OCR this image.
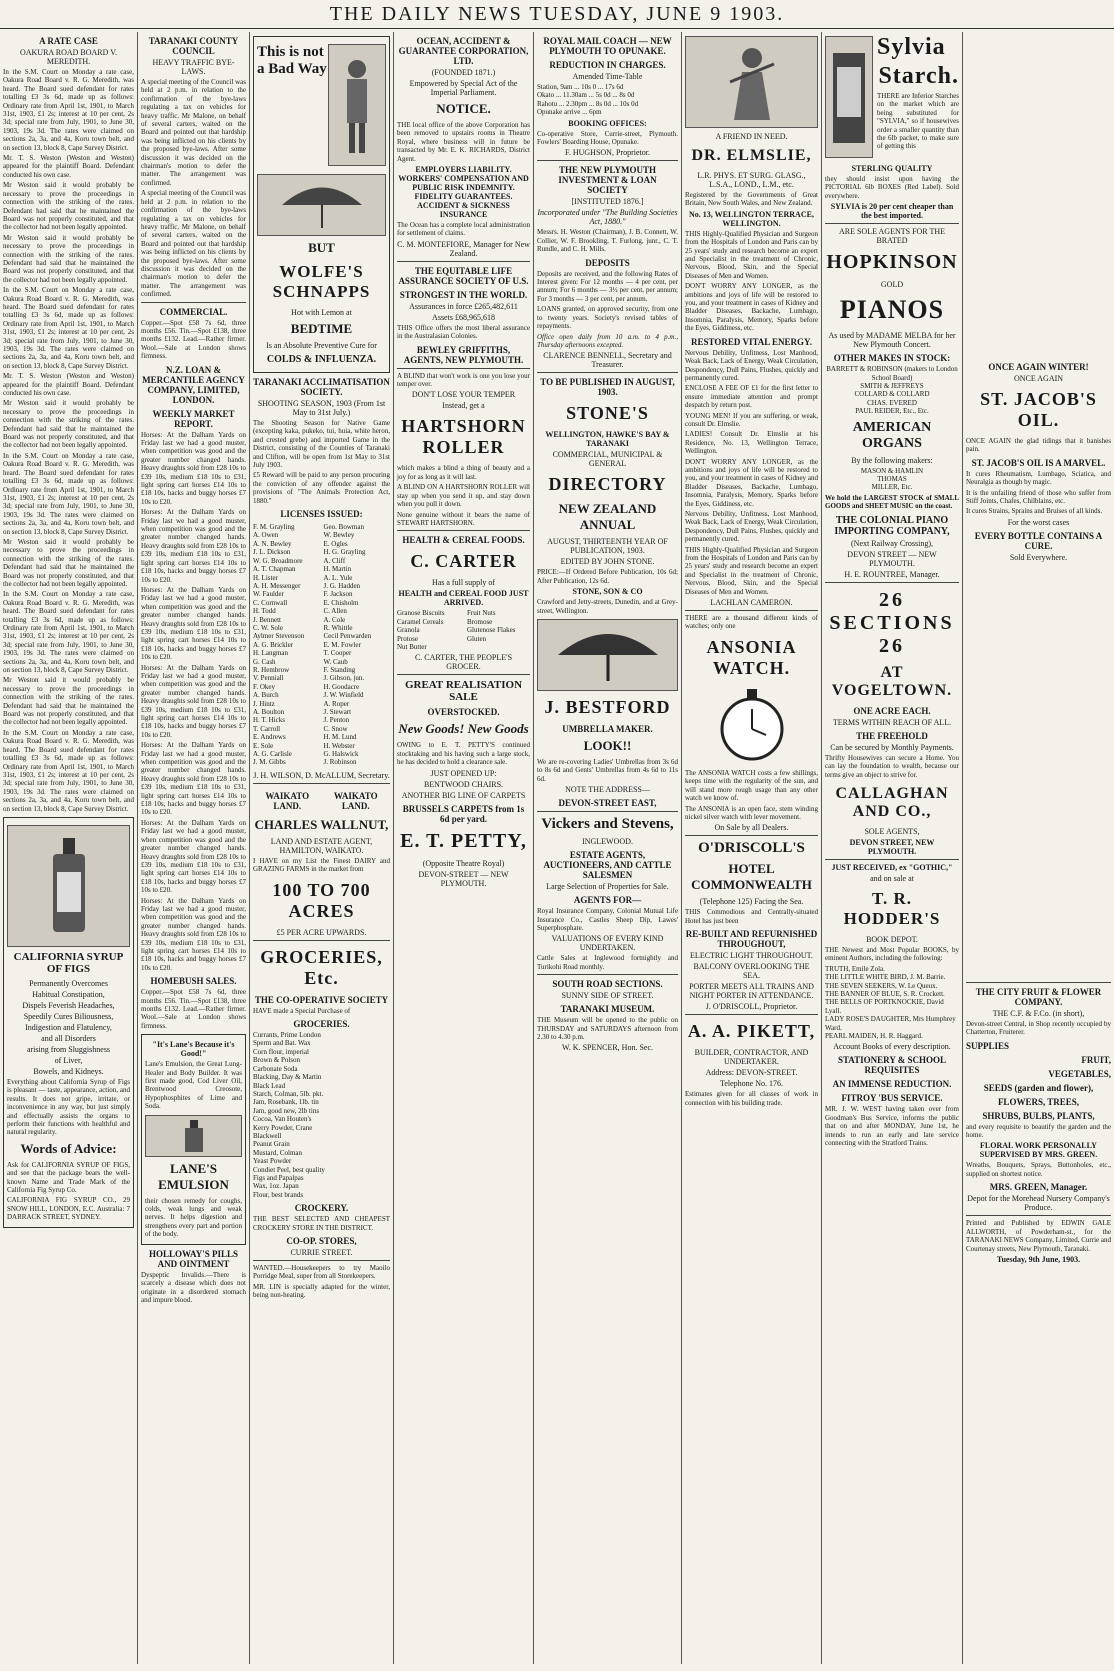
THE DAILY NEWS TUESDAY, JUNE 9 1903.
A RATE CASE
OAKURA ROAD BOARD V. MEREDITH.

In the S.M. Court on Monday a rate case, Oakura Road Board v. R. G. Meredith, was heard. The Board sued defendant for rates totalling £3 3s 6d, made up as follows: Ordinary rate from April 1st, 1901, to March 31st, 1903, £1 2s; interest at 10 per cent, 2s 3d; special rate from July, 1901, to June 30, 1903, 19s 3d. The rates were claimed on sections 2a, 3a, and 4a, Koru town belt, and on section 13, block 8, Cape Survey District.

Mr. T. S. Weston (Weston and Weston) appeared for the plaintiff Board. Defendant conducted his own case.

Mr Weston said it would probably be necessary to prove the proceedings in connection with the striking of the rates. Defendant had said that he maintained the Board was not properly constituted, and that the collector had not been legally appointed.

Mr Weston said it would probably be necessary to prove the proceedings in connection with the striking of the rates. Defendant had said that he maintained the Board was not properly constituted, and that the collector had not been legally appointed.

In the S.M. Court on Monday a rate case, Oakura Road Board v. R. G. Meredith, was heard. The Board sued defendant for rates totalling £3 3s 6d, made up as follows: Ordinary rate from April 1st, 1901, to March 31st, 1903, £1 2s; interest at 10 per cent, 2s 3d; special rate from July, 1901, to June 30, 1903, 19s 3d. The rates were claimed on sections 2a, 3a, and 4a, Koru town belt, and on section 13, block 8, Cape Survey District.

Mr. T. S. Weston (Weston and Weston) appeared for the plaintiff Board. Defendant conducted his own case.

Mr Weston said it would probably be necessary to prove the proceedings in connection with the striking of the rates. Defendant had said that he maintained the Board was not properly constituted, and that the collector had not been legally appointed.

In the S.M. Court on Monday a rate case, Oakura Road Board v. R. G. Meredith, was heard. The Board sued defendant for rates totalling £3 3s 6d, made up as follows: Ordinary rate from April 1st, 1901, to March 31st, 1903, £1 2s; interest at 10 per cent, 2s 3d; special rate from July, 1901, to June 30, 1903, 19s 3d. The rates were claimed on sections 2a, 3a, and 4a, Koru town belt, and on section 13, block 8, Cape Survey District.

Mr Weston said it would probably be necessary to prove the proceedings in connection with the striking of the rates. Defendant had said that he maintained the Board was not properly constituted, and that the collector had not been legally appointed.

In the S.M. Court on Monday a rate case, Oakura Road Board v. R. G. Meredith, was heard. The Board sued defendant for rates totalling £3 3s 6d, made up as follows: Ordinary rate from April 1st, 1901, to March 31st, 1903, £1 2s; interest at 10 per cent, 2s 3d; special rate from July, 1901, to June 30, 1903, 19s 3d. The rates were claimed on sections 2a, 3a, and 4a, Koru town belt, and on section 13, block 8, Cape Survey District.

Mr Weston said it would probably be necessary to prove the proceedings in connection with the striking of the rates. Defendant had said that he maintained the Board was not properly constituted, and that the collector had not been legally appointed.

In the S.M. Court on Monday a rate case, Oakura Road Board v. R. G. Meredith, was heard. The Board sued defendant for rates totalling £3 3s 6d, made up as follows: Ordinary rate from April 1st, 1901, to March 31st, 1903, £1 2s; interest at 10 per cent, 2s 3d; special rate from July, 1901, to June 30, 1903, 19s 3d. The rates were claimed on sections 2a, 3a, and 4a, Koru town belt, and on section 13, block 8, Cape Survey District.

CALIFORNIA SYRUP OF FIGS
Permanently Overcomes
Habitual Constipation,
Dispels Feverish Headaches,
Speedily Cures Biliousness,
Indigestion and Flatulency,
and all Disorders
arising from Sluggishness
of Liver,
Bowels, and Kidneys.

Everything about California Syrup of Figs is pleasant — taste, appearance, action, and results. It does not gripe, irritate, or inconvenience in any way, but just simply and effectually assists the organs to perform their functions with healthful and natural regularity.

Words of Advice:

Ask for CALIFORNIA SYRUP OF FIGS, and see that the package bears the well-known Name and Trade Mark of the California Fig Syrup Co.

CALIFORNIA FIG SYRUP CO., 29 SNOW HILL, LONDON, E.C. Australia: 7 DARRACK STREET, SYDNEY.

TARANAKI COUNTY COUNCIL
HEAVY TRAFFIC BYE-LAWS.

A special meeting of the Council was held at 2 p.m. in relation to the confirmation of the bye-laws regulating a tax on vehicles for heavy traffic. Mr Malone, on behalf of several carters, waited on the Board and pointed out that hardship was being inflicted on his clients by the proposed bye-laws. After some discussion it was decided on the chairman's motion to defer the matter. The arrangement was confirmed.

A special meeting of the Council was held at 2 p.m. in relation to the confirmation of the bye-laws regulating a tax on vehicles for heavy traffic. Mr Malone, on behalf of several carters, waited on the Board and pointed out that hardship was being inflicted on his clients by the proposed bye-laws. After some discussion it was decided on the chairman's motion to defer the matter. The arrangement was confirmed.

COMMERCIAL.

Copper.—Spot £58 7s 6d, three months £56. Tin.—Spot £138, three months £132. Lead.—Rather firmer. Wool.—Sale at London shows firmness.

N.Z. LOAN & MERCANTILE AGENCY COMPANY, LIMITED, LONDON.
WEEKLY MARKET REPORT.

Horses: At the Dalham Yards on Friday last we had a good muster, when competition was good and the greater number changed hands. Heavy draughts sold from £28 10s to £39 10s, medium £18 10s to £31, light spring cart horses £14 10s to £18 10s, hacks and buggy horses £7 10s to £20.

Horses: At the Dalham Yards on Friday last we had a good muster, when competition was good and the greater number changed hands. Heavy draughts sold from £28 10s to £39 10s, medium £18 10s to £31, light spring cart horses £14 10s to £18 10s, hacks and buggy horses £7 10s to £20.

Horses: At the Dalham Yards on Friday last we had a good muster, when competition was good and the greater number changed hands. Heavy draughts sold from £28 10s to £39 10s, medium £18 10s to £31, light spring cart horses £14 10s to £18 10s, hacks and buggy horses £7 10s to £20.

Horses: At the Dalham Yards on Friday last we had a good muster, when competition was good and the greater number changed hands. Heavy draughts sold from £28 10s to £39 10s, medium £18 10s to £31, light spring cart horses £14 10s to £18 10s, hacks and buggy horses £7 10s to £20.

Horses: At the Dalham Yards on Friday last we had a good muster, when competition was good and the greater number changed hands. Heavy draughts sold from £28 10s to £39 10s, medium £18 10s to £31, light spring cart horses £14 10s to £18 10s, hacks and buggy horses £7 10s to £20.

Horses: At the Dalham Yards on Friday last we had a good muster, when competition was good and the greater number changed hands. Heavy draughts sold from £28 10s to £39 10s, medium £18 10s to £31, light spring cart horses £14 10s to £18 10s, hacks and buggy horses £7 10s to £20.

Horses: At the Dalham Yards on Friday last we had a good muster, when competition was good and the greater number changed hands. Heavy draughts sold from £28 10s to £39 10s, medium £18 10s to £31, light spring cart horses £14 10s to £18 10s, hacks and buggy horses £7 10s to £20.

HOMEBUSH SALES.

Copper.—Spot £58 7s 6d, three months £56. Tin.—Spot £138, three months £132. Lead.—Rather firmer. Wool.—Sale at London shows firmness.

"It's Lane's Because it's Good!"

Lane's Emulsion, the Great Lung-Healer and Body Builder. It was first made good, Cod Liver Oil, Brentwood Creosote, Hypophosphites of Lime and Soda.

LANE'S EMULSION

their chosen remedy for coughs, colds, weak lungs and weak nerves. It helps digestion and strengthens every part and portion of the body.

HOLLOWAY'S PILLS AND OINTMENT

Dyspeptic Invalids.—There is scarcely a disease which does not originate in a disordered stomach and impure blood.

This is not a Bad Way
BUT
WOLFE'S SCHNAPPS
Hot with Lemon at
BEDTIME
Is an Absolute Preventive Cure for
COLDS & INFLUENZA.
TARANAKI ACCLIMATISATION SOCIETY.
SHOOTING SEASON, 1903 (From 1st May to 31st July.)

The Shooting Season for Native Game (excepting kaka, pukeko, tui, huia, white heron, and crested grebe) and imported Game in the District, consisting of the Counties of Taranaki and Clifton, will be open from 1st May to 31st July 1903.

£5 Reward will be paid to any person procuring the conviction of any offender against the provisions of "The Animals Protection Act, 1880."

LICENSES ISSUED:
F. M. Grayling
A. Owen
A. N. Bewley
J. L. Dickson
W. G. Broadmore
A. T. Chapman
H. Lister
A. H. Messenger
W. Faulder
C. Cornwall
H. Todd
J. Bennett
C. W. Sole
Aylmer Stevenson
A. G. Brickler
H. Langman
G. Cash
R. Hembrow
V. Penniall
F. Okey
A. Burch
J. Hintz
A. Boulton
H. T. Hicks
T. Carroll
E. Andrews
E. Sole
A. G. Carlisle
J. M. Gibbs
Geo. Bowman
W. Bewley
E. Ogles
H. G. Grayling
A. Cliff
H. Martin
A. L. Yule
J. G. Hadden
F. Jackson
E. Chisholm
C. Allen
A. Cole
R. Whittle
Cecil Penwarden
E. M. Fowler
T. Cooper
W. Caub
F. Standing
J. Gibson, jun.
H. Goodacre
J. W. Winfield
A. Roper
J. Stewart
J. Penton
C. Snow
H. M. Lund
H. Webster
G. Halswick
J. Robinson
J. H. WILSON, D. McALLUM, Secretary.
WAIKATO LAND.
WAIKATO LAND.
CHARLES WALLNUT,
LAND AND ESTATE AGENT, HAMILTON, WAIKATO.

I HAVE on my List the Finest DAIRY and GRAZING FARMS in the market from

100 TO 700 ACRES
£5 PER ACRE UPWARDS.
GROCERIES, Etc.
THE CO-OPERATIVE SOCIETY

HAVE made a Special Purchase of

GROCERIES.
Currants, Prime London
Sperm and Bat. Wax
Corn flour, imperial
Brown & Polson
Carbonate Soda
Blacking, Day & Martin
Black Lead
Starch, Colman, 5lb. pkt.
Jam, Rosebank, 1lb. tin
Jam, good new, 2lb tins
Cocoa, Van Houten's
Kerry Powder, Crane
Blackwell
Peanut Grain
Mustard, Colman
Yeast Powder
Condiet Peel, best quality
Figs and Papalpas
Wax, 1oz. Japan
Flour, best brands
CROCKERY.

THE BEST SELECTED AND CHEAPEST CROCKERY STORE IN THE DISTRICT.

CO-OP. STORES,
CURRIE STREET.

WANTED.—Housekeepers to try Maoilo Porridge Meal, super from all Storekeepers.

MR. LIN is specially adapted for the winter, being non-heating.

OCEAN, ACCIDENT & GUARANTEE CORPORATION, LTD.
(FOUNDED 1871.)
Empowered by Special Act of the Imperial Parliament.
NOTICE.

THE local office of the above Corporation has been removed to upstairs rooms in Theatre Royal, where business will in future be transacted by Mr. E. K. RICHARDS, District Agent.

EMPLOYERS LIABILITY. WORKERS' COMPENSATION AND PUBLIC RISK INDEMNITY. FIDELITY GUARANTEES. ACCIDENT & SICKNESS INSURANCE

The Ocean has a complete local administration for settlement of claims.

C. M. MONTEFIORE, Manager for New Zealand.
THE EQUITABLE LIFE ASSURANCE SOCIETY OF U.S.
STRONGEST IN THE WORLD.
Assurances in force £265,482,611
Assets £68,965,618

THIS Office offers the most liberal assurance in the Australasian Colonies.

BEWLEY GRIFFITHS, AGENTS, NEW PLYMOUTH.

A BLIND that won't work is one you lose your temper over.

DON'T LOSE YOUR TEMPER
Instead, get a
HARTSHORN ROLLER

which makes a blind a thing of beauty and a joy for as long as it will last.

A BLIND ON A HARTSHORN ROLLER will stay up when you send it up, and stay down when you pull it down.

None genuine without it bears the name of STEWART HARTSHORN.

HEALTH & CEREAL FOODS.
C. CARTER
Has a full supply of
HEALTH and CEREAL FOOD JUST ARRIVED.
Granose Biscuits
Caramel Cereals
Granola
Protose
Nut Butter
Fruit Nuts
Bromose
Glutenose Flakes
Gluten
C. CARTER, THE PEOPLE'S GROCER.
GREAT REALISATION SALE
OVERSTOCKED.
New Goods! New Goods

OWING to E. T. PETTY'S continued stocktaking and his having such a large stock, he has decided to hold a clearance sale.

JUST OPENED UP:
BENTWOOD CHAIRS.
ANOTHER BIG LINE OF CARPETS
BRUSSELS CARPETS from 1s 6d per yard.
E. T. PETTY,
(Opposite Theatre Royal)
DEVON-STREET — NEW PLYMOUTH.
ROYAL MAIL COACH — NEW PLYMOUTH TO OPUNAKE.
REDUCTION IN CHARGES.
Amended Time-Table
Station, 9am ... 10s 0 ... 17s 6d
Okato ... 11.30am ... 5s 0d ... 8s 0d
Rahotu ... 2.30pm ... 8s 0d ... 10s 0d
Opunake arrive ... 6pm
BOOKING OFFICES:

Co-operative Store, Currie-street, Plymouth. Fowlers' Boarding House, Opunake.

F. HUGHSON, Proprietor.
THE NEW PLYMOUTH INVESTMENT & LOAN SOCIETY
[INSTITUTED 1876.]
Incorporated under "The Building Societies Act, 1880."

Messrs. H. Weston (Chairman), J. B. Connett, W. Collier, W. F. Brookling, T. Furlong, junr., C. T. Rundle, and C. H. Mills.

DEPOSITS

Deposits are received, and the following Rates of Interest given: For 12 months — 4 per cent, per annum; For 6 months — 3½ per cent, per annum; For 3 months — 3 per cent, per annum.

LOANS granted, on approved security, from one to twenty years. Society's revised tables of repayments.

Office open daily from 10 a.m. to 4 p.m., Thursday afternoons excepted.

CLARENCE BENNELL, Secretary and Treasurer.
TO BE PUBLISHED IN AUGUST, 1903.
STONE'S
WELLINGTON, HAWKE'S BAY & TARANAKI
COMMERCIAL, MUNICIPAL & GENERAL
DIRECTORY
NEW ZEALAND ANNUAL
AUGUST, THIRTEENTH YEAR OF PUBLICATION, 1903.
EDITED BY JOHN STONE.

PRICE:—If Ordered Before Publication, 10s 6d; After Publication, 12s 6d.

STONE, SON & CO

Crawford and Jetty-streets, Dunedin, and at Grey-street, Wellington.

J. BESTFORD
UMBRELLA MAKER.
LOOK!!

We are re-covering Ladies' Umbrellas from 3s 6d to 8s 6d and Gents' Umbrellas from 4s 6d to 11s 6d.

NOTE THE ADDRESS—
DEVON-STREET EAST,
Vickers and Stevens,
INGLEWOOD.
ESTATE AGENTS, AUCTIONEERS, AND CATTLE SALESMEN
Large Selection of Properties for Sale.
AGENTS FOR—

Royal Insurance Company, Colonial Mutual Life Insurance Co., Castles Sheep Dip, Lawes' Superphosphate.

VALUATIONS OF EVERY KIND UNDERTAKEN.

Cattle Sales at Inglewood fortnightly and Turikohi Road monthly.

SOUTH ROAD SECTIONS.
SUNNY SIDE OF STREET.
TARANAKI MUSEUM.

THE Museum will be opened to the public on THURSDAY and SATURDAYS afternoon from 2.30 to 4.30 p.m.

W. K. SPENCER, Hon. Sec.
A FRIEND IN NEED.
DR. ELMSLIE,
L.R. PHYS. ET SURG. GLASG., L.S.A., LOND., L.M., etc.

Registered by the Governments of Great Britain, New South Wales, and New Zealand.

No. 13, WELLINGTON TERRACE, WELLINGTON.

THIS Highly-Qualified Physician and Surgeon from the Hospitals of London and Paris can by 25 years' study and research become an expert and Specialist in the treatment of Chronic, Nervous, Blood, Skin, and the Special Diseases of Men and Women.

DON'T WORRY ANY LONGER, as the ambitions and joys of life will be restored to you, and your treatment in cases of Kidney and Bladder Diseases, Backache, Lumbago, Insomnia, Paralysis, Memory, Sparks before the Eyes, Giddiness, etc.

RESTORED VITAL ENERGY.

Nervous Debility, Unfitness, Lost Manhood, Weak Back, Lack of Energy, Weak Circulation, Despondency, Dull Pains, Flushes, quickly and permanently cured.

ENCLOSE A FEE OF £1 for the first letter to ensure immediate attention and prompt despatch by return post.

YOUNG MEN! If you are suffering, or weak, consult Dr. Elmslie.

LADIES! Consult Dr. Elmslie at his Residence, No. 13, Wellington Terrace, Wellington.

DON'T WORRY ANY LONGER, as the ambitions and joys of life will be restored to you, and your treatment in cases of Kidney and Bladder Diseases, Backache, Lumbago, Insomnia, Paralysis, Memory, Sparks before the Eyes, Giddiness, etc.

Nervous Debility, Unfitness, Lost Manhood, Weak Back, Lack of Energy, Weak Circulation, Despondency, Dull Pains, Flushes, quickly and permanently cured.

THIS Highly-Qualified Physician and Surgeon from the Hospitals of London and Paris can by 25 years' study and research become an expert and Specialist in the treatment of Chronic, Nervous, Blood, Skin, and the Special Diseases of Men and Women.

LACHLAN CAMERON.

THERE are a thousand different kinds of watches; only one

ANSONIA WATCH.

The ANSONIA WATCH costs a few shillings, keeps time with the regularity of the sun, and will stand more rough usage than any other watch we know of.

The ANSONIA is an open face, stem winding nickel silver watch with lever movement.

On Sale by all Dealers.
O'DRISCOLL'S
HOTEL COMMONWEALTH
(Telephone 125) Facing the Sea.

THIS Commodious and Centrally-situated Hotel has just been

RE-BUILT AND REFURNISHED THROUGHOUT,
ELECTRIC LIGHT THROUGHOUT.
BALCONY OVERLOOKING THE SEA.
PORTER MEETS ALL TRAINS AND NIGHT PORTER IN ATTENDANCE.
J. O'DRISCOLL, Proprietor.
A. A. PIKETT,
BUILDER, CONTRACTOR, AND UNDERTAKER.
Address: DEVON-STREET.
Telephone No. 176.

Estimates given for all classes of work in connection with his building trade.

Sylvia
Starch.

THERE are Inferior Starches on the market which are being substituted for "SYLVIA," so if housewives order a smaller quantity than the 6lb packet, to make sure of getting this

STERLING QUALITY

they should insist upon having the PICTORIAL 6lb BOXES (Red Label). Sold everywhere.

SYLVIA is 20 per cent cheaper than the best imported.
ARE SOLE AGENTS FOR THE BRATED
HOPKINSON
GOLD
PIANOS
As used by MADAME MELBA for her New Plymouth Concert.
OTHER MAKES IN STOCK:
BARRETT & ROBINSON (makers to London School Board)
SMITH & JEFFREYS
COLLARD & COLLARD
CHAS. EVERED
PAUL REIDER, Etc., Etc.
AMERICAN ORGANS
By the following makers:
MASON & HAMLIN
THOMAS
MILLER, Etc.

We hold the LARGEST STOCK of SMALL GOODS and SHEET MUSIC on the coast.

THE COLONIAL PIANO IMPORTING COMPANY,
(Next Railway Crossing),
DEVON STREET — NEW PLYMOUTH.
H. E. ROUNTREE, Manager.
26 SECTIONS 26
AT VOGELTOWN.
ONE ACRE EACH.
TERMS WITHIN REACH OF ALL.
THE FREEHOLD
Can be secured by Monthly Payments.

Thrifty Housewives can secure a Home. You can lay the foundation to wealth, because our terms give an object to strive for.

CALLAGHAN AND CO.,
SOLE AGENTS,
DEVON STREET, NEW PLYMOUTH.
JUST RECEIVED, ex "GOTHIC,"
and on sale at
T. R. HODDER'S
BOOK DEPOT.

THE Newest and Most Popular BOOKS, by eminent Authors, including the following:

TRUTH, Emile Zola.
THE LITTLE WHITE BIRD, J. M. Barrie.
THE SEVEN SEEKERS, W. Le Queux.
THE BANNER OF BLUE, S. R. Crockett.
THE BELLS OF PORTKNOCKIE, David Lyall.
LADY ROSE'S DAUGHTER, Mrs Humphrey Ward.
PEARL MAIDEN, H. R. Haggard.
Account Books of every description.
STATIONERY & SCHOOL REQUISITES
AN IMMENSE REDUCTION.
FITROY 'BUS SERVICE.

MR. J. W. WEST having taken over from Goodman's Bus Service, informs the public that on and after MONDAY, June 1st, he intends to run an early and late service connecting with the Stratford Trains.

ONCE AGAIN WINTER!
ONCE AGAIN
ST. JACOB'S OIL.

ONCE AGAIN the glad tidings that it banishes pain.

ST. JACOB'S OIL IS A MARVEL.

It cures Rheumatism, Lumbago, Sciatica, and Neuralgia as though by magic.

It is the unfailing friend of those who suffer from Stiff Joints, Chafes, Chilblains, etc.

It cures Strains, Sprains and Bruises of all kinds.

For the worst cases
EVERY BOTTLE CONTAINS A CURE.
Sold Everywhere.
THE CITY FRUIT & FLOWER COMPANY.
THE C.F. & F.Co. (in short),

Devon-street Central, in Shop recently occupied by Chatterton, Fruiterer.

SUPPLIES
FRUIT,
VEGETABLES,
SEEDS (garden and flower),
FLOWERS, TREES,
SHRUBS, BULBS, PLANTS,

and every requisite to beautify the garden and the home.

FLORAL WORK PERSONALLY SUPERVISED BY MRS. GREEN.

Wreaths, Bouquets, Sprays, Buttonholes, etc., supplied on shortest notice.

MRS. GREEN, Manager.
Depot for the Morehead Nursery Company's Produce.

Printed and Published by EDWIN GALE ALLWORTH, of Powderham-st., for the TARANAKI NEWS Company, Limited, Currie and Courtenay streets, New Plymouth, Taranaki.

Tuesday, 9th June, 1903.
